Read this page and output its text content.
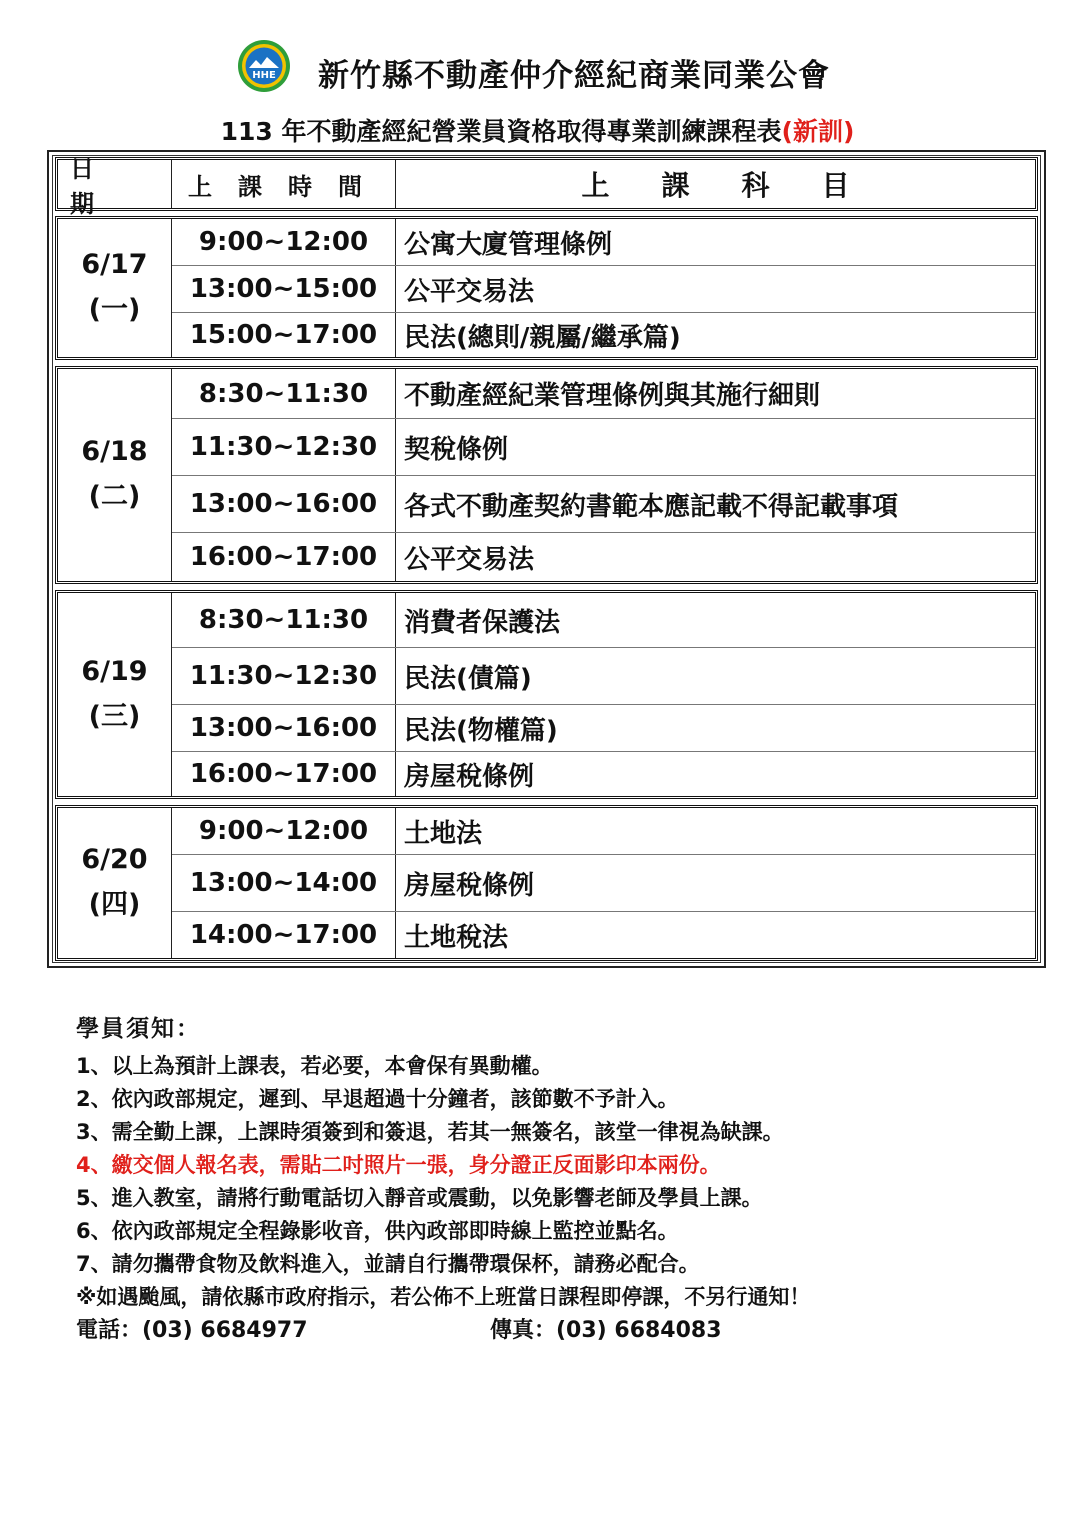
HHE 新竹縣不動產仲介經紀商業同業公會
113 年不動產經紀營業員資格取得專業訓練課程表(新訓)
日期
上課時間	上課科目
6/17
(一)
9:00~12:00	公寓大廈管理條例
13:00~15:00	公平交易法
15:00~17:00	民法(總則/親屬/繼承篇)
6/18
(二)
8:30~11:30	不動產經紀業管理條例與其施行細則
11:30~12:30	契稅條例
13:00~16:00	各式不動產契約書範本應記載不得記載事項
16:00~17:00	公平交易法
6/19
(三)
8:30~11:30	消費者保護法
11:30~12:30	民法(債篇)
13:00~16:00	民法(物權篇)
16:00~17:00	房屋稅條例
6/20
(四)
9:00~12:00	土地法
13:00~14:00	房屋稅條例
14:00~17:00	土地稅法
學員須知：
1、以上為預計上課表，若必要，本會保有異動權。
2、依內政部規定，遲到、早退超過十分鐘者，該節數不予計入。
3、需全勤上課，上課時須簽到和簽退，若其一無簽名，該堂一律視為缺課。
4、繳交個人報名表，需貼二吋照片一張，身分證正反面影印本兩份。
5、進入教室，請將行動電話切入靜音或震動，以免影響老師及學員上課。
6、依內政部規定全程錄影收音，供內政部即時線上監控並點名。
7、請勿攜帶食物及飲料進入，並請自行攜帶環保杯，請務必配合。
※如遇颱風，請依縣市政府指示，若公佈不上班當日課程即停課，不另行通知！
電話：(03) 6684977	傳真：(03) 6684083
